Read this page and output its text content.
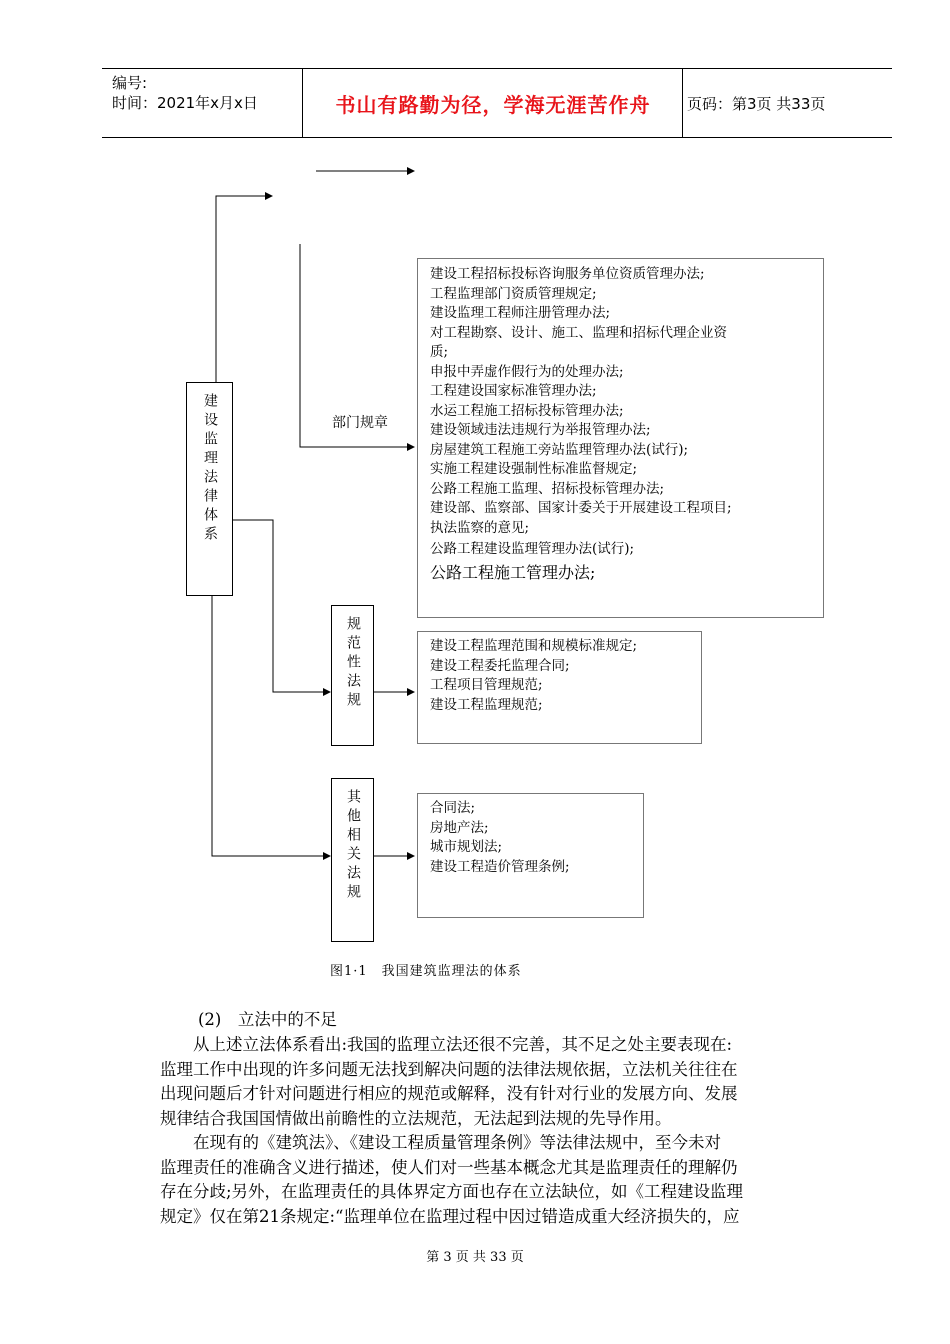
编号:
时间：2021年x月x日	书山有路勤为径，学海无涯苦作舟	页码：第3页 共33页
建设监理法律体系	部门规章
建设工程招标投标咨询服务单位资质管理办法;
工程监理部门资质管理规定;
建设监理工程师注册管理办法;
对工程勘察、设计、施工、监理和招标代理企业资
质;
申报中弄虚作假行为的处理办法;
工程建设国家标准管理办法;
水运工程施工招标投标管理办法;
建设领域违法违规行为举报管理办法;
房屋建筑工程施工旁站监理管理办法(试行);
实施工程建设强制性标准监督规定;
公路工程施工监理、招标投标管理办法;
建设部、监察部、国家计委关于开展建设工程项目;
执法监察的意见;
公路工程建设监理管理办法(试行);
公路工程施工管理办法;
规范性法规	建设工程监理范围和规模标准规定;
建设工程委托监理合同;
工程项目管理规范;
建设工程监理规范;
其他相关法规	合同法;
房地产法;
城市规划法;
建设工程造价管理条例;
图1·1　我国建筑监理法的体系
(2)　立法中的不足
　　从上述立法体系看出:我国的监理立法还很不完善，其不足之处主要表现在:
监理工作中出现的许多问题无法找到解决问题的法律法规依据，立法机关往往在
出现问题后才针对问题进行相应的规范或解释，没有针对行业的发展方向、发展
规律结合我国国情做出前瞻性的立法规范，无法起到法规的先导作用。
　　在现有的《建筑法》、《建设工程质量管理条例》等法律法规中，至今未对
监理责任的准确含义进行描述，使人们对一些基本概念尤其是监理责任的理解仍
存在分歧;另外，在监理责任的具体界定方面也存在立法缺位，如《工程建设监理
规定》仅在第21条规定:“监理单位在监理过程中因过错造成重大经济损失的，应
第 3 页 共 33 页
